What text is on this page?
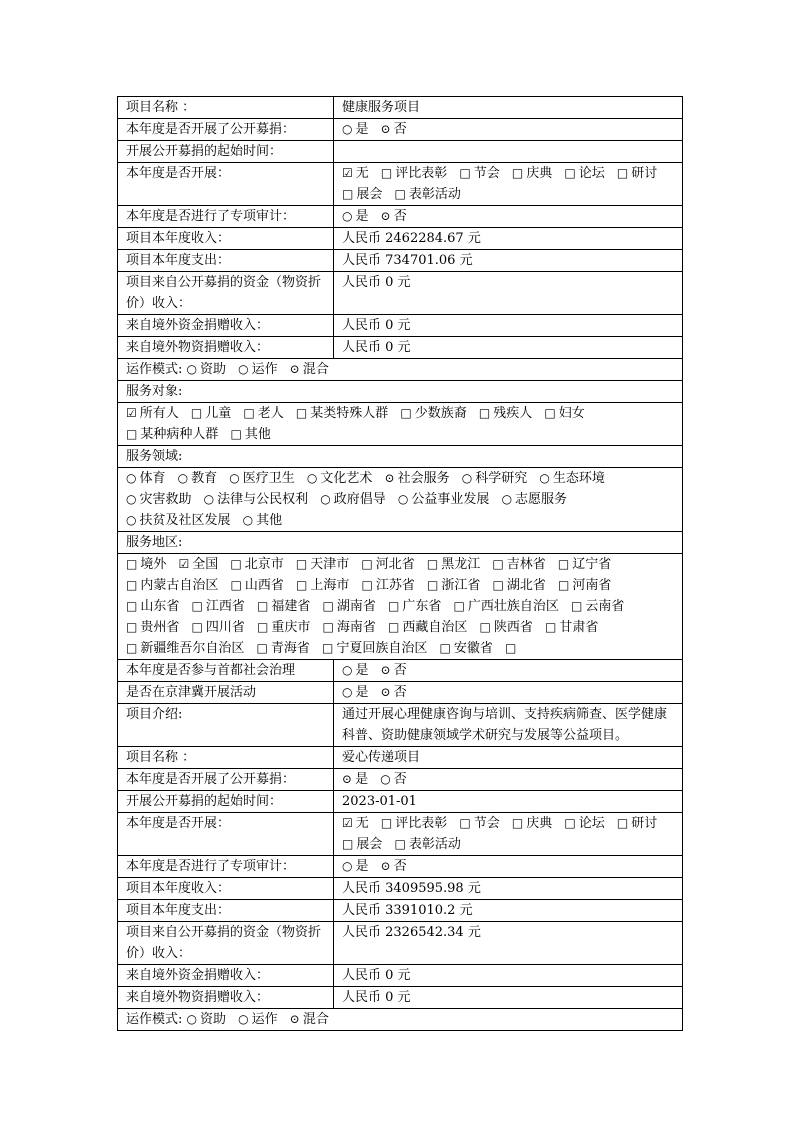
项目名称 ：	健康服务项目
本年度是否开展了公开募捐：	○ 是 ⊙ 否
开展公开募捐的起始时间：	
本年度是否开展：	☑ 无 □ 评比表彰 □ 节会 □ 庆典 □ 论坛 □ 研讨 □ 展会 □ 表彰活动
本年度是否进行了专项审计：	○ 是 ⊙ 否
项目本年度收入：	人民币 2462284.67 元
项目本年度支出：	人民币 734701.06 元
项目来自公开募捐的资金（物资折价）收入：	人民币 0 元
来自境外资金捐赠收入：	人民币 0 元
来自境外物资捐赠收入：	人民币 0 元
运作模式: ○ 资助 ○ 运作 ⊙ 混合	
服务对象:	
☑ 所有人 □ 儿童 □ 老人 □ 某类特殊人群 □ 少数族裔 □ 残疾人 □ 妇女 □ 某种病种人群 □ 其他	
服务领域:	
○ 体育 ○ 教育 ○ 医疗卫生 ○ 文化艺术 ⊙ 社会服务 ○ 科学研究 ○ 生态环境 ○ 灾害救助 ○ 法律与公民权利 ○ 政府倡导 ○ 公益事业发展 ○ 志愿服务 ○ 扶贫及社区发展 ○ 其他	
服务地区:	
□ 境外 ☑ 全国 □ 北京市 □ 天津市 □ 河北省 □ 黑龙江 □ 吉林省 □ 辽宁省 □ 内蒙古自治区 □ 山西省 □ 上海市 □ 江苏省 □ 浙江省 □ 湖北省 □ 河南省 □ 山东省 □ 江西省 □ 福建省 □ 湖南省 □ 广东省 □ 广西壮族自治区 □ 云南省 □ 贵州省 □ 四川省 □ 重庆市 □ 海南省 □ 西藏自治区 □ 陕西省 □ 甘肃省 □ 新疆维吾尔自治区 □ 青海省 □ 宁夏回族自治区 □ 安徽省 □	
本年度是否参与首都社会治理	○ 是 ⊙ 否
是否在京津冀开展活动	○ 是 ⊙ 否
项目介绍:	通过开展心理健康咨询与培训、支持疾病筛查、医学健康科普、资助健康领域学术研究与发展等公益项目。
项目名称 ：	爱心传递项目
本年度是否开展了公开募捐：	⊙ 是 ○ 否
开展公开募捐的起始时间：	2023-01-01
本年度是否开展：	☑ 无 □ 评比表彰 □ 节会 □ 庆典 □ 论坛 □ 研讨 □ 展会 □ 表彰活动
本年度是否进行了专项审计：	○ 是 ⊙ 否
项目本年度收入：	人民币 3409595.98 元
项目本年度支出：	人民币 3391010.2 元
项目来自公开募捐的资金（物资折价）收入：	人民币 2326542.34 元
来自境外资金捐赠收入：	人民币 0 元
来自境外物资捐赠收入：	人民币 0 元
运作模式: ○ 资助 ○ 运作 ⊙ 混合	
